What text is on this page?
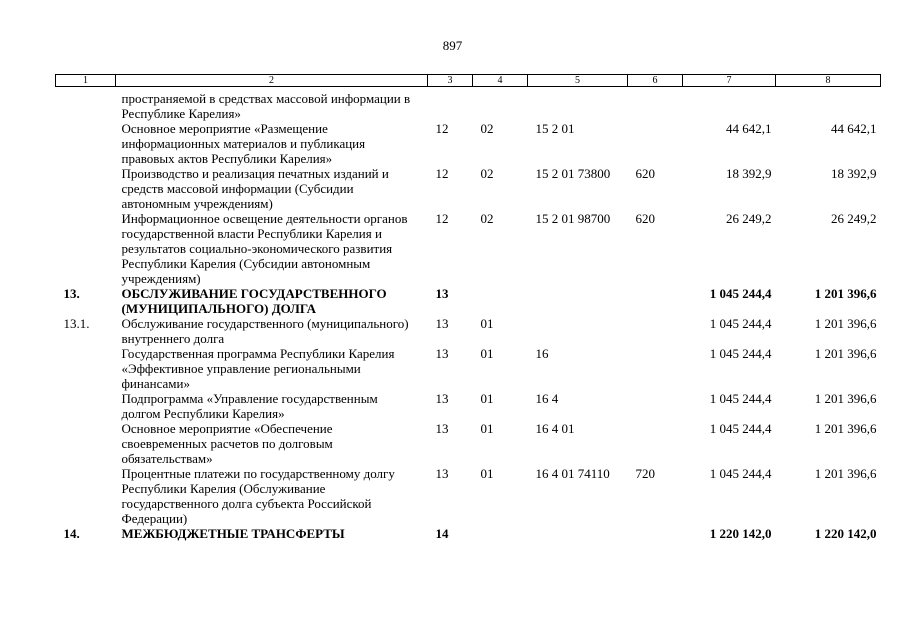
897
1	2	3	4	5	6	7	8
	пространяемой в средствах массовой информации в Республике Карелия»						
	Основное мероприятие «Размещение информационных материалов и публикация правовых актов Республики Карелия»	12	02	15 2 01		44 642,1	44 642,1
	Производство и реализация печатных изданий и средств массовой информации (Субсидии автономным учреждениям)	12	02	15 2 01 73800	620	18 392,9	18 392,9
	Информационное освещение деятельности органов государственной власти Республики Карелия и результатов социально-экономического развития Республики Карелия (Субсидии автономным учреждениям)	12	02	15 2 01 98700	620	26 249,2	26 249,2
13.	ОБСЛУЖИВАНИЕ ГОСУДАРСТВЕННОГО (МУНИЦИПАЛЬНОГО) ДОЛГА	13				1 045 244,4	1 201 396,6
13.1.	Обслуживание государственного (муниципального) внутреннего долга	13	01			1 045 244,4	1 201 396,6
	Государственная программа Республики Карелия «Эффективное управление региональными финансами»	13	01	16		1 045 244,4	1 201 396,6
	Подпрограмма «Управление государственным долгом Республики Карелия»	13	01	16 4		1 045 244,4	1 201 396,6
	Основное мероприятие «Обеспечение своевременных расчетов по долговым обязательствам»	13	01	16 4 01		1 045 244,4	1 201 396,6
	Процентные платежи по государственному долгу Республики Карелия (Обслуживание государственного долга субъекта Российской Федерации)	13	01	16 4 01 74110	720	1 045 244,4	1 201 396,6
14.	МЕЖБЮДЖЕТНЫЕ ТРАНСФЕРТЫ	14				1 220 142,0	1 220 142,0
